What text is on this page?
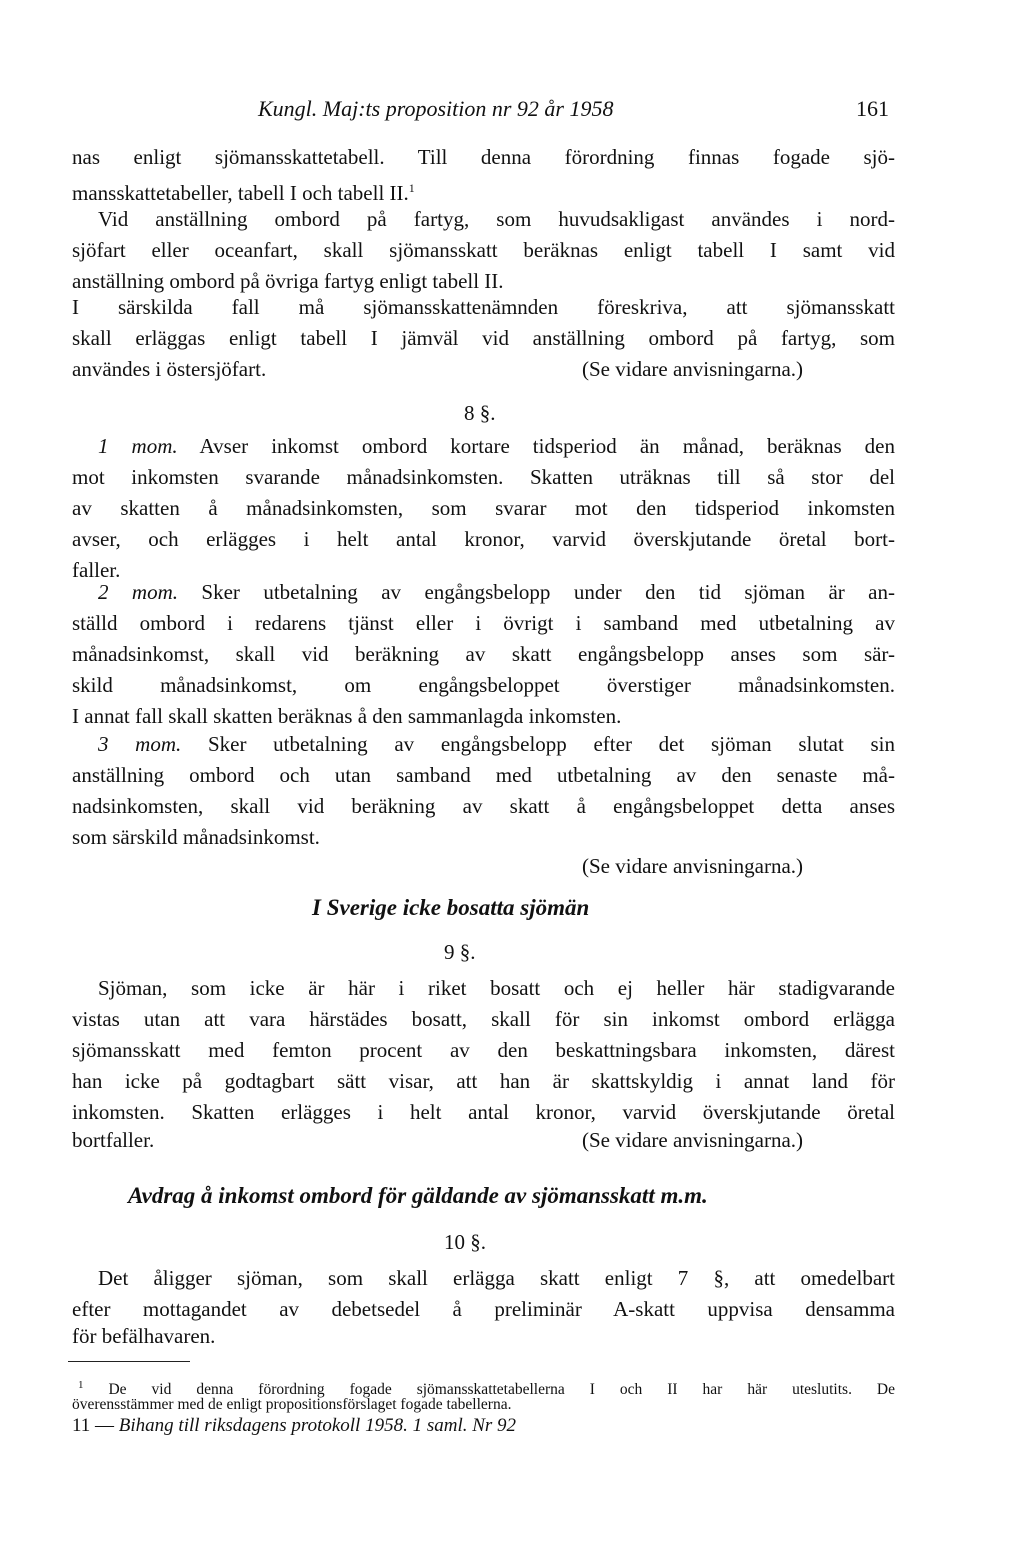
Kungl. Maj:ts proposition nr 92 år 1958	161
nas enligt sjömansskattetabell. Till denna förordning finnas fogade sjö-
mansskattetabeller, tabell I och tabell II.$^1$
Vid anställning ombord på fartyg, som huvudsakligast användes i nord-
sjöfart eller oceanfart, skall sjömansskatt beräknas enligt tabell I samt vid
anställning ombord på övriga fartyg enligt tabell II.
I särskilda fall må sjömansskattenämnden föreskriva, att sjömansskatt
skall erläggas enligt tabell I jämväl vid anställning ombord på fartyg, som
användes i östersjöfart.	(Se vidare anvisningarna.)
8 §.
1 mom. Avser inkomst ombord kortare tidsperiod än månad, beräknas den
mot inkomsten svarande månadsinkomsten. Skatten uträknas till så stor del
av skatten å månadsinkomsten, som svarar mot den tidsperiod inkomsten
avser, och erlägges i helt antal kronor, varvid överskjutande öretal bort-
faller.
2 mom. Sker utbetalning av engångsbelopp under den tid sjöman är an-
ställd ombord i redarens tjänst eller i övrigt i samband med utbetalning av
månadsinkomst, skall vid beräkning av skatt engångsbelopp anses som sär-
skild månadsinkomst, om engångsbeloppet överstiger månadsinkomsten.
I annat fall skall skatten beräknas å den sammanlagda inkomsten.
3 mom. Sker utbetalning av engångsbelopp efter det sjöman slutat sin
anställning ombord och utan samband med utbetalning av den senaste må-
nadsinkomsten, skall vid beräkning av skatt å engångsbeloppet detta anses
som särskild månadsinkomst.
(Se vidare anvisningarna.)
I Sverige icke bosatta sjömän
9 §.
Sjöman, som icke är här i riket bosatt och ej heller här stadigvarande
vistas utan att vara härstädes bosatt, skall för sin inkomst ombord erlägga
sjömansskatt med femton procent av den beskattningsbara inkomsten, därest
han icke på godtagbart sätt visar, att han är skattskyldig i annat land för
inkomsten. Skatten erlägges i helt antal kronor, varvid överskjutande öretal
bortfaller.	(Se vidare anvisningarna.)
Avdrag å inkomst ombord för gäldande av sjömansskatt m.m.
10 §.
Det åligger sjöman, som skall erlägga skatt enligt 7 §, att omedelbart
efter mottagandet av debetsedel å preliminär A-skatt uppvisa densamma
för befälhavaren.
$^1$ De vid denna förordning fogade sjömansskattetabellerna I och II har här uteslutits. De
överensstämmer med de enligt propositionsförslaget fogade tabellerna.
11 — Bihang till riksdagens protokoll 1958. 1 saml. Nr 92
